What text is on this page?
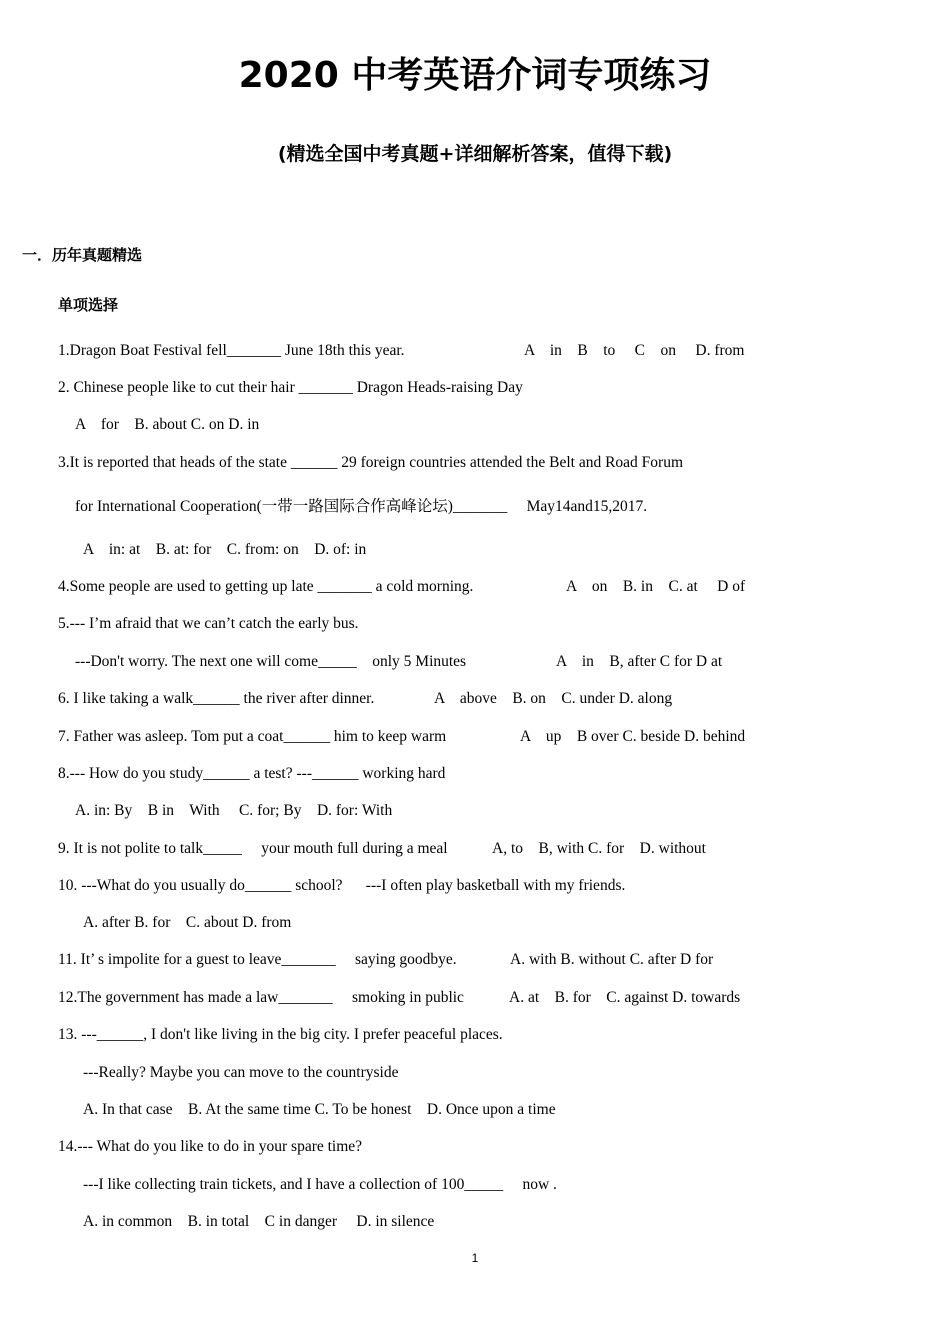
2020 中考英语介词专项练习
(精选全国中考真题+详细解析答案，值得下载)
一．历年真题精选
单项选择
1.Dragon Boat Festival fell_______ June 18th this year.	A    in    B    to     C    on     D. from
2. Chinese people like to cut their hair _______ Dragon Heads-raising Day
A    for    B. about C. on D. in
3.It is reported that heads of the state ______ 29 foreign countries attended the Belt and Road Forum
for International Cooperation(一带一路国际合作高峰论坛)_______     May14and15,2017.
A    in: at    B. at: for    C. from: on    D. of: in
4.Some people are used to getting up late _______ a cold morning.	A    on    B. in    C. at     D of
5.--- I’m afraid that we can’t catch the early bus.
---Don't worry. The next one will come_____    only 5 Minutes	A    in    B, after C for D at
6. I like taking a walk______ the river after dinner.	A    above    B. on    C. under D. along
7. Father was asleep. Tom put a coat______ him to keep warm	A    up    B over C. beside D. behind
8.--- How do you study______ a test? ---______ working hard
A. in: By    B in    With     C. for; By    D. for: With
9. It is not polite to talk_____     your mouth full during a meal	A, to    B, with C. for    D. without
10. ---What do you usually do______ school?      ---I often play basketball with my friends.
A. after B. for    C. about D. from
11. It’ s impolite for a guest to leave_______     saying goodbye.	A. with B. without C. after D for
12.The government has made a law_______     smoking in public	A. at    B. for    C. against D. towards
13. ---______, I don't like living in the big city. I prefer peaceful places.
---Really? Maybe you can move to the countryside
A. In that case    B. At the same time C. To be honest    D. Once upon a time
14.--- What do you like to do in your spare time?
---I like collecting train tickets, and I have a collection of 100_____     now .
A. in common    B. in total    C in danger     D. in silence
1
